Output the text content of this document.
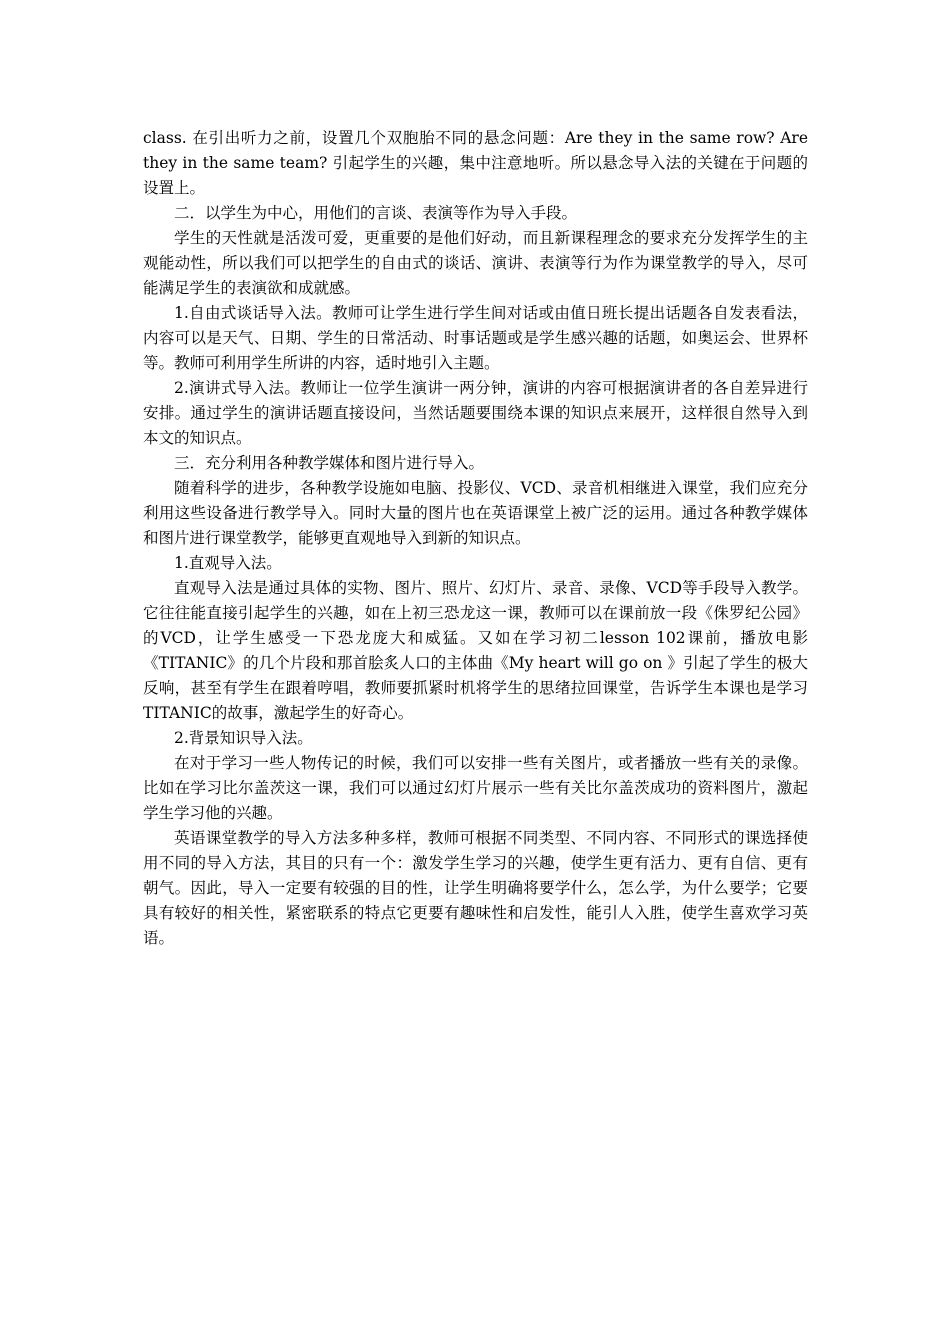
class. 在引出听力之前，设置几个双胞胎不同的悬念问题：Are they in the same row? Are they in the same team? 引起学生的兴趣，集中注意地听。所以悬念导入法的关键在于问题的设置上。

二．以学生为中心，用他们的言谈、表演等作为导入手段。

学生的天性就是活泼可爱，更重要的是他们好动，而且新课程理念的要求充分发挥学生的主观能动性，所以我们可以把学生的自由式的谈话、演讲、表演等行为作为课堂教学的导入，尽可能满足学生的表演欲和成就感。

1.自由式谈话导入法。教师可让学生进行学生间对话或由值日班长提出话题各自发表看法，内容可以是天气、日期、学生的日常活动、时事话题或是学生感兴趣的话题，如奥运会、世界杯等。教师可利用学生所讲的内容，适时地引入主题。

2.演讲式导入法。教师让一位学生演讲一两分钟，演讲的内容可根据演讲者的各自差异进行安排。通过学生的演讲话题直接设问，当然话题要围绕本课的知识点来展开，这样很自然导入到本文的知识点。

三．充分利用各种教学媒体和图片进行导入。

随着科学的进步，各种教学设施如电脑、投影仪、VCD、录音机相继进入课堂，我们应充分利用这些设备进行教学导入。同时大量的图片也在英语课堂上被广泛的运用。通过各种教学媒体和图片进行课堂教学，能够更直观地导入到新的知识点。

1.直观导入法。

直观导入法是通过具体的实物、图片、照片、幻灯片、录音、录像、VCD等手段导入教学。它往往能直接引起学生的兴趣，如在上初三恐龙这一课，教师可以在课前放一段《侏罗纪公园》的VCD，让学生感受一下恐龙庞大和威猛。又如在学习初二lesson 102课前，播放电影《TITANIC》的几个片段和那首脍炙人口的主体曲《My heart will go on 》引起了学生的极大反响，甚至有学生在跟着哼唱，教师要抓紧时机将学生的思绪拉回课堂，告诉学生本课也是学习TITANIC的故事，激起学生的好奇心。

2.背景知识导入法。

在对于学习一些人物传记的时候，我们可以安排一些有关图片，或者播放一些有关的录像。比如在学习比尔盖茨这一课，我们可以通过幻灯片展示一些有关比尔盖茨成功的资料图片，激起学生学习他的兴趣。

英语课堂教学的导入方法多种多样，教师可根据不同类型、不同内容、不同形式的课选择使用不同的导入方法，其目的只有一个：激发学生学习的兴趣，使学生更有活力、更有自信、更有朝气。因此，导入一定要有较强的目的性，让学生明确将要学什么，怎么学，为什么要学；它要具有较好的相关性，紧密联系的特点它更要有趣味性和启发性，能引人入胜，使学生喜欢学习英语。
